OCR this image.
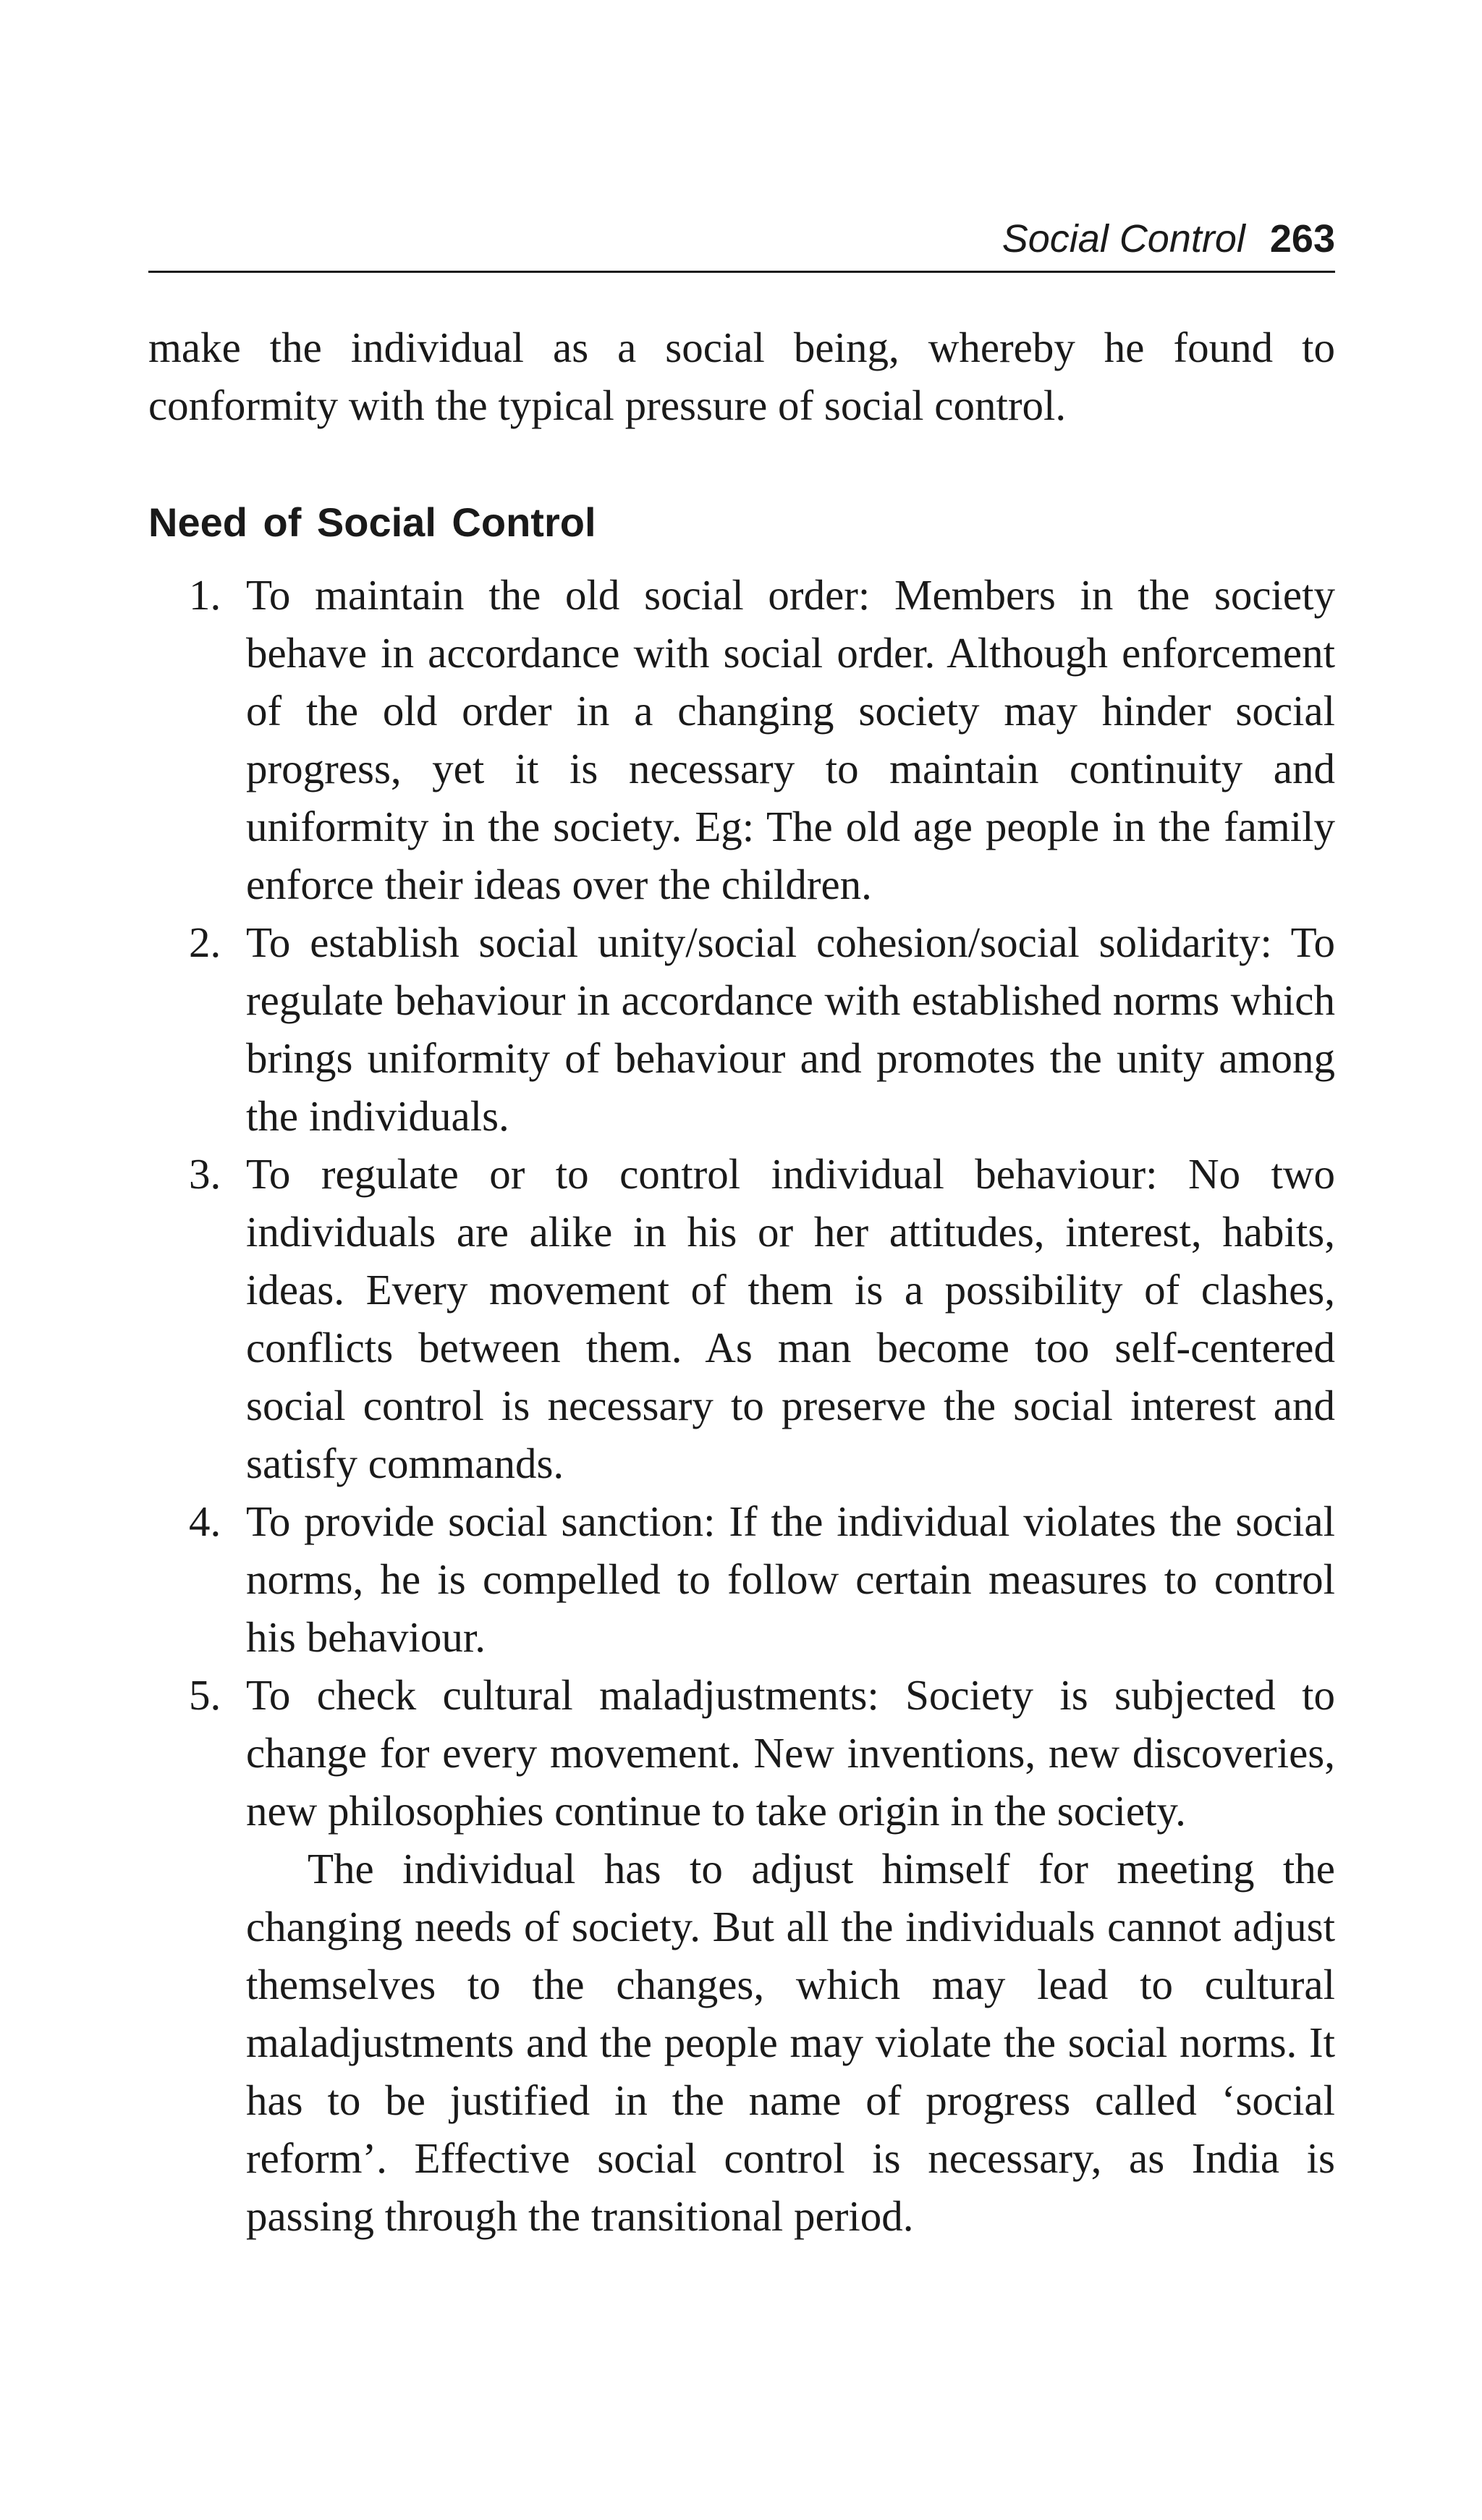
Social Control 263

make the individual as a social being, whereby he found to conformity with the typical pressure of social control.

Need of Social Control
1. To maintain the old social order: Members in the society behave in accordance with social order. Although enforcement of the old order in a changing society may hinder social progress, yet it is necessary to maintain continuity and uniformity in the society. Eg: The old age people in the family enforce their ideas over the children.
2. To establish social unity/social cohesion/social solidarity: To regulate behaviour in accordance with established norms which brings uniformity of behaviour and promotes the unity among the individuals.
3. To regulate or to control individual behaviour: No two individuals are alike in his or her attitudes, interest, habits, ideas. Every movement of them is a possibility of clashes, conflicts between them. As man become too self-centered social control is necessary to preserve the social interest and satisfy commands.
4. To provide social sanction: If the individual violates the social norms, he is compelled to follow certain measures to control his behaviour.
5. To check cultural maladjustments: Society is subjected to change for every movement. New inventions, new discoveries, new philosophies continue to take origin in the society.

The individual has to adjust himself for meeting the changing needs of society. But all the individuals cannot adjust themselves to the changes, which may lead to cultural maladjustments and the people may violate the social norms. It has to be justified in the name of progress called ‘social reform’. Effective social control is necessary, as India is passing through the transitional period.
